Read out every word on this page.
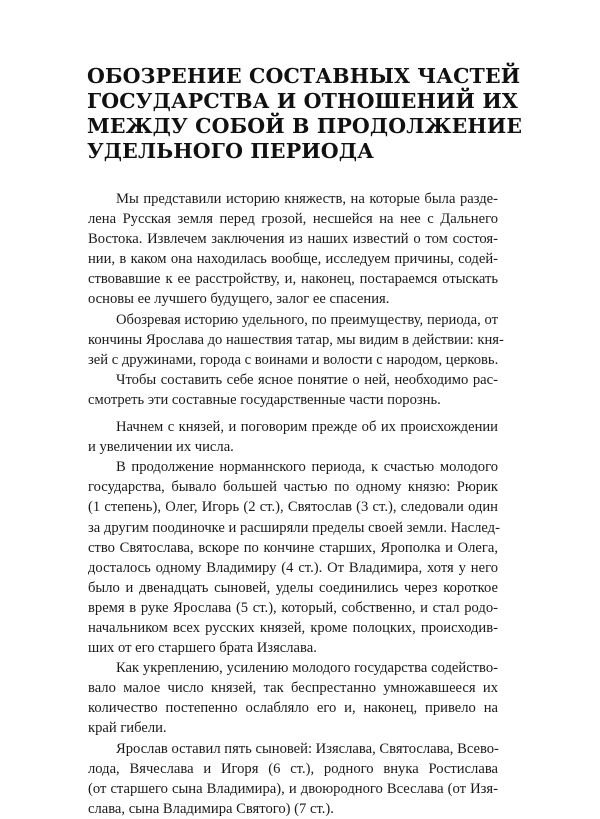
ОБОЗРЕНИЕ СОСТАВНЫХ ЧАСТЕЙ
ГОСУДАРСТВА И ОТНОШЕНИЙ ИХ
МЕЖДУ СОБОЙ В ПРОДОЛЖЕНИЕ
УДЕЛЬНОГО ПЕРИОДА

Мы представили историю княжеств, на которые была разде-
лена Русская земля перед грозой, несшейся на нее с Дальнего
Востока. Извлечем заключения из наших известий о том состоя-
нии, в каком она находилась вообще, исследуем причины, содей-
ствовавшие к ее расстройству, и, наконец, постараемся отыскать
основы ее лучшего будущего, залог ее спасения.

Обозревая историю удельного, по преимуществу, периода, от
кончины Ярослава до нашествия татар, мы видим в действии: кня-
зей с дружинами, города с воинами и волости с народом, церковь.

Чтобы составить себе ясное понятие о ней, необходимо рас-
смотреть эти составные государственные части порознь.

Начнем с князей, и поговорим прежде об их происхождении
и увеличении их числа.

В продолжение норманнского периода, к счастью молодого
государства, бывало большей частью по одному князю: Рюрик
(1 степень), Олег, Игорь (2 ст.), Святослав (3 ст.), следовали один
за другим поодиночке и расширяли пределы своей земли. Наслед-
ство Святослава, вскоре по кончине старших, Ярополка и Олега,
досталось одному Владимиру (4 ст.). От Владимира, хотя у него
было и двенадцать сыновей, уделы соединились через короткое
время в руке Ярослава (5 ст.), который, собственно, и стал родо-
начальником всех русских князей, кроме полоцких, происходив-
ших от его старшего брата Изяслава.

Как укреплению, усилению молодого государства содейство-
вало малое число князей, так беспрестанно умножавшееся их
количество постепенно ослабляло его и, наконец, привело на
край гибели.

Ярослав оставил пять сыновей: Изяслава, Святослава, Всево-
лода, Вячеслава и Игоря (6 ст.), родного внука Ростислава
(от старшего сына Владимира), и двоюродного Всеслава (от Изя-
слава, сына Владимира Святого) (7 ст.).
